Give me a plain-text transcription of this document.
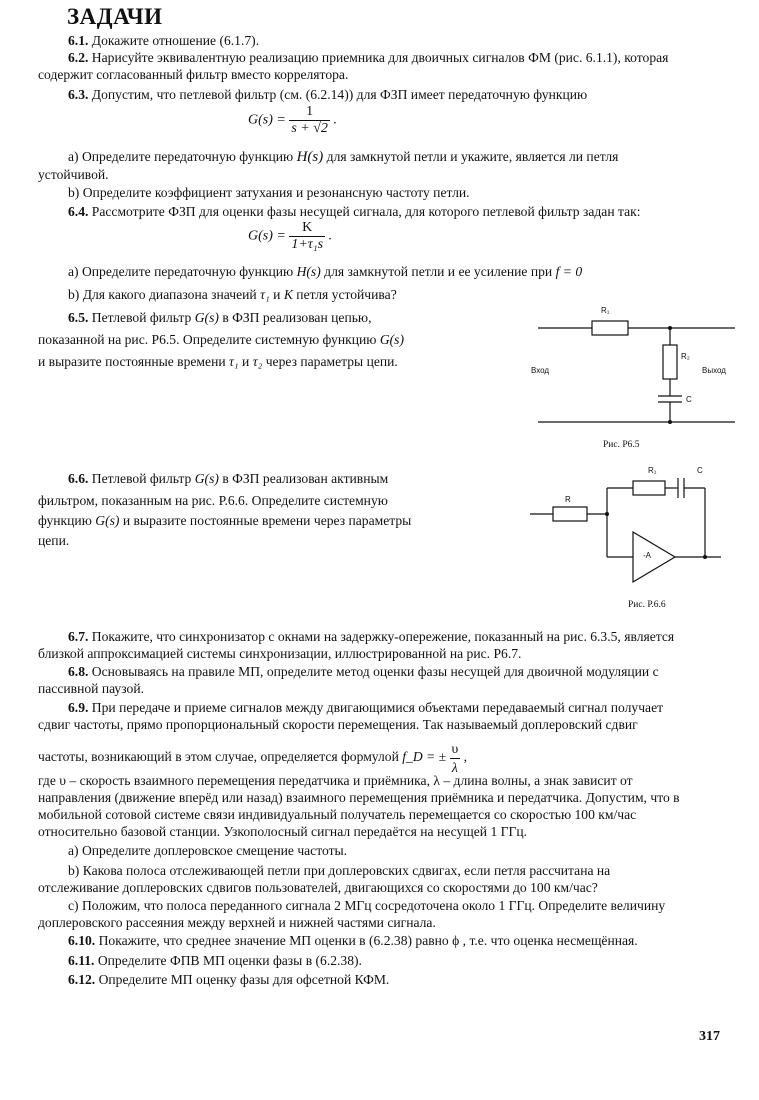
ЗАДАЧИ
6.1. Докажите отношение (6.1.7).
6.2. Нарисуйте эквивалентную реализацию приемника для двоичных сигналов ФМ (рис. 6.1.1), которая
содержит согласованный фильтр вместо коррелятора.
6.3. Допустим, что петлевой фильтр (см. (6.2.14)) для ФЗП имеет передаточную функцию
$G(s) = \frac{1}{s + √2}$ .
a) Определите передаточную функцию H(s) для замкнутой петли и укажите, является ли петля
устойчивой.
b) Определите коэффициент затухания и резонансную частоту петли.
6.4. Рассмотрите ФЗП для оценки фазы несущей сигнала, для которого петлевой фильтр задан так:
$G(s) = \frac{K}{\text{1+τ₁s}}$ .
a) Определите передаточную функцию H(s) для замкнутой петли и ее усиление при f = 0
b) Для какого диапазона значеий τ₁ и K петля устойчива?
6.5. Петлевой фильтр G(s) в ФЗП реализован цепью,
показанной на рис. Р6.5. Определите системную функцию G(s)
и выразите постоянные времени τ₁ и τ₂ через параметры цепи.
R₁
R₂
C
Вход	Выход
Рис. Р6.5
6.6. Петлевой фильтр G(s) в ФЗП реализован активным
фильтром, показанным на рис. Р.6.6. Определите системную
функцию G(s) и выразите постоянные времени через параметры
цепи.
R
R₁	C
-A
Рис. Р.6.6
6.7. Покажите, что синхронизатор с окнами на задержку-опережение, показанный на рис. 6.3.5, является
близкой аппроксимацией системы синхронизации, иллюстрированной на рис. Р6.7.
6.8. Основываясь на правиле МП, определите метод оценки фазы несущей для двоичной модуляции с
пассивной паузой.
6.9. При передаче и приеме сигналов между двигающимися объектами передаваемый сигнал получает
сдвиг частоты, прямо пропорциональный скорости перемещения. Так называемый доплеровский сдвиг
частоты, возникающий в этом случае, определяется формулой f_D = ± $\frac{\upsilon}{\lambda}$ ,
где υ – скорость взаимного перемещения передатчика и приёмника, λ – длина волны, а знак зависит от
направления (движение вперёд или назад) взаимного перемещения приёмника и передатчика. Допустим, что в
мобильной сотовой системе связи индивидуальный получатель перемещается со скоростью 100 км/час
относительно базовой станции. Узкополосный сигнал передаётся на несущей 1 ГГц.
a) Определите доплеровское смещение частоты.
b) Какова полоса отслеживающей петли при доплеровских сдвигах, если петля рассчитана на
отслеживание доплеровских сдвигов пользователей, двигающихся со скоростями до 100 км/час?
c) Положим, что полоса переданного сигнала 2 МГц сосредоточена около 1 ГГц. Определите величину
доплеровского рассеяния между верхней и нижней частями сигнала.
6.10. Покажите, что среднее значение МП оценки в (6.2.38) равно ϕ , т.е. что оценка несмещённая.
6.11. Определите ФПВ МП оценки фазы в (6.2.38).
6.12. Определите МП оценку фазы для офсетной КФМ.
317
